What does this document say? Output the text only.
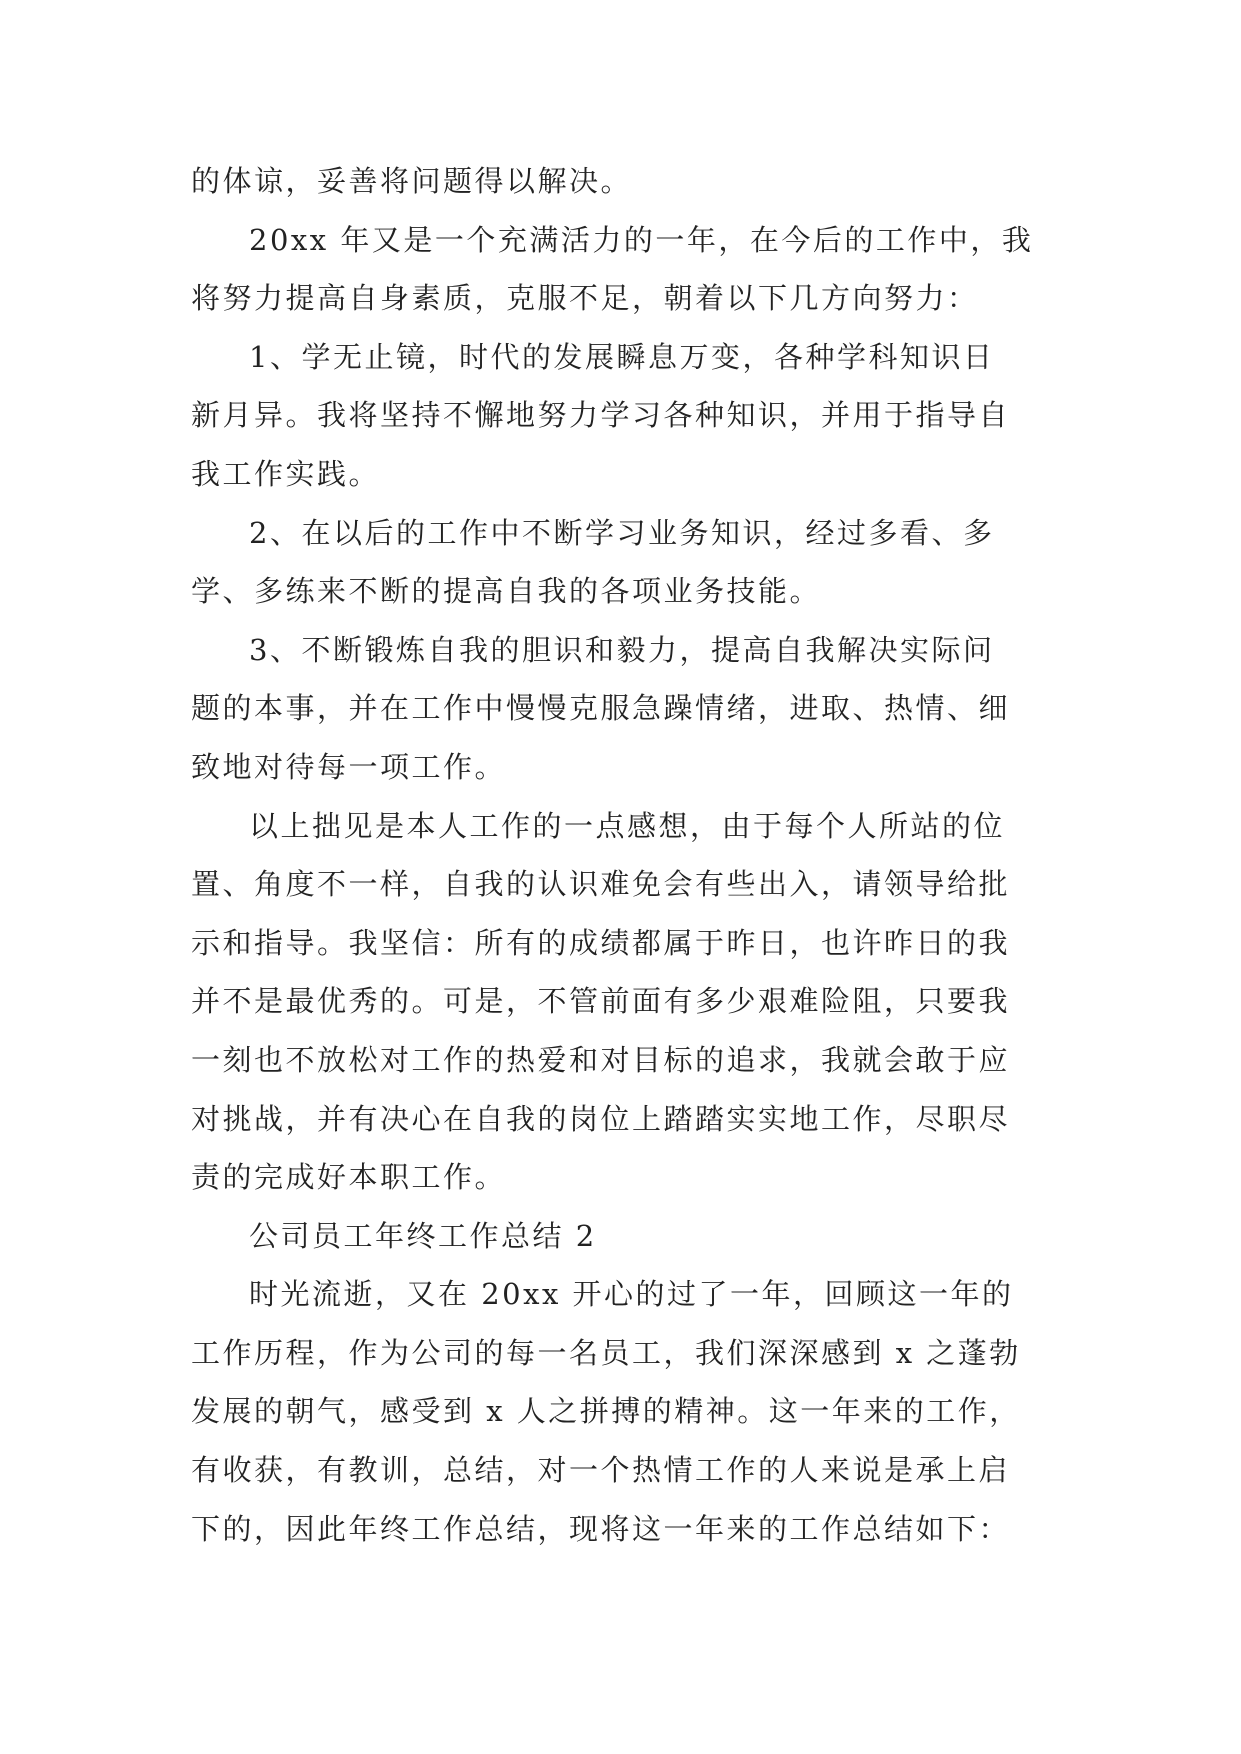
的体谅，妥善将问题得以解决。
20xx 年又是一个充满活力的一年，在今后的工作中，我
将努力提高自身素质，克服不足，朝着以下几方向努力：
1、学无止镜，时代的发展瞬息万变，各种学科知识日
新月异。我将坚持不懈地努力学习各种知识，并用于指导自
我工作实践。
2、在以后的工作中不断学习业务知识，经过多看、多
学、多练来不断的提高自我的各项业务技能。
3、不断锻炼自我的胆识和毅力，提高自我解决实际问
题的本事，并在工作中慢慢克服急躁情绪，进取、热情、细
致地对待每一项工作。
以上拙见是本人工作的一点感想，由于每个人所站的位
置、角度不一样，自我的认识难免会有些出入，请领导给批
示和指导。我坚信：所有的成绩都属于昨日，也许昨日的我
并不是最优秀的。可是，不管前面有多少艰难险阻，只要我
一刻也不放松对工作的热爱和对目标的追求，我就会敢于应
对挑战，并有决心在自我的岗位上踏踏实实地工作，尽职尽
责的完成好本职工作。
公司员工年终工作总结 2
时光流逝，又在 20xx 开心的过了一年，回顾这一年的
工作历程，作为公司的每一名员工，我们深深感到 x 之蓬勃
发展的朝气，感受到 x 人之拼搏的精神。这一年来的工作，
有收获，有教训，总结，对一个热情工作的人来说是承上启
下的，因此年终工作总结，现将这一年来的工作总结如下：
